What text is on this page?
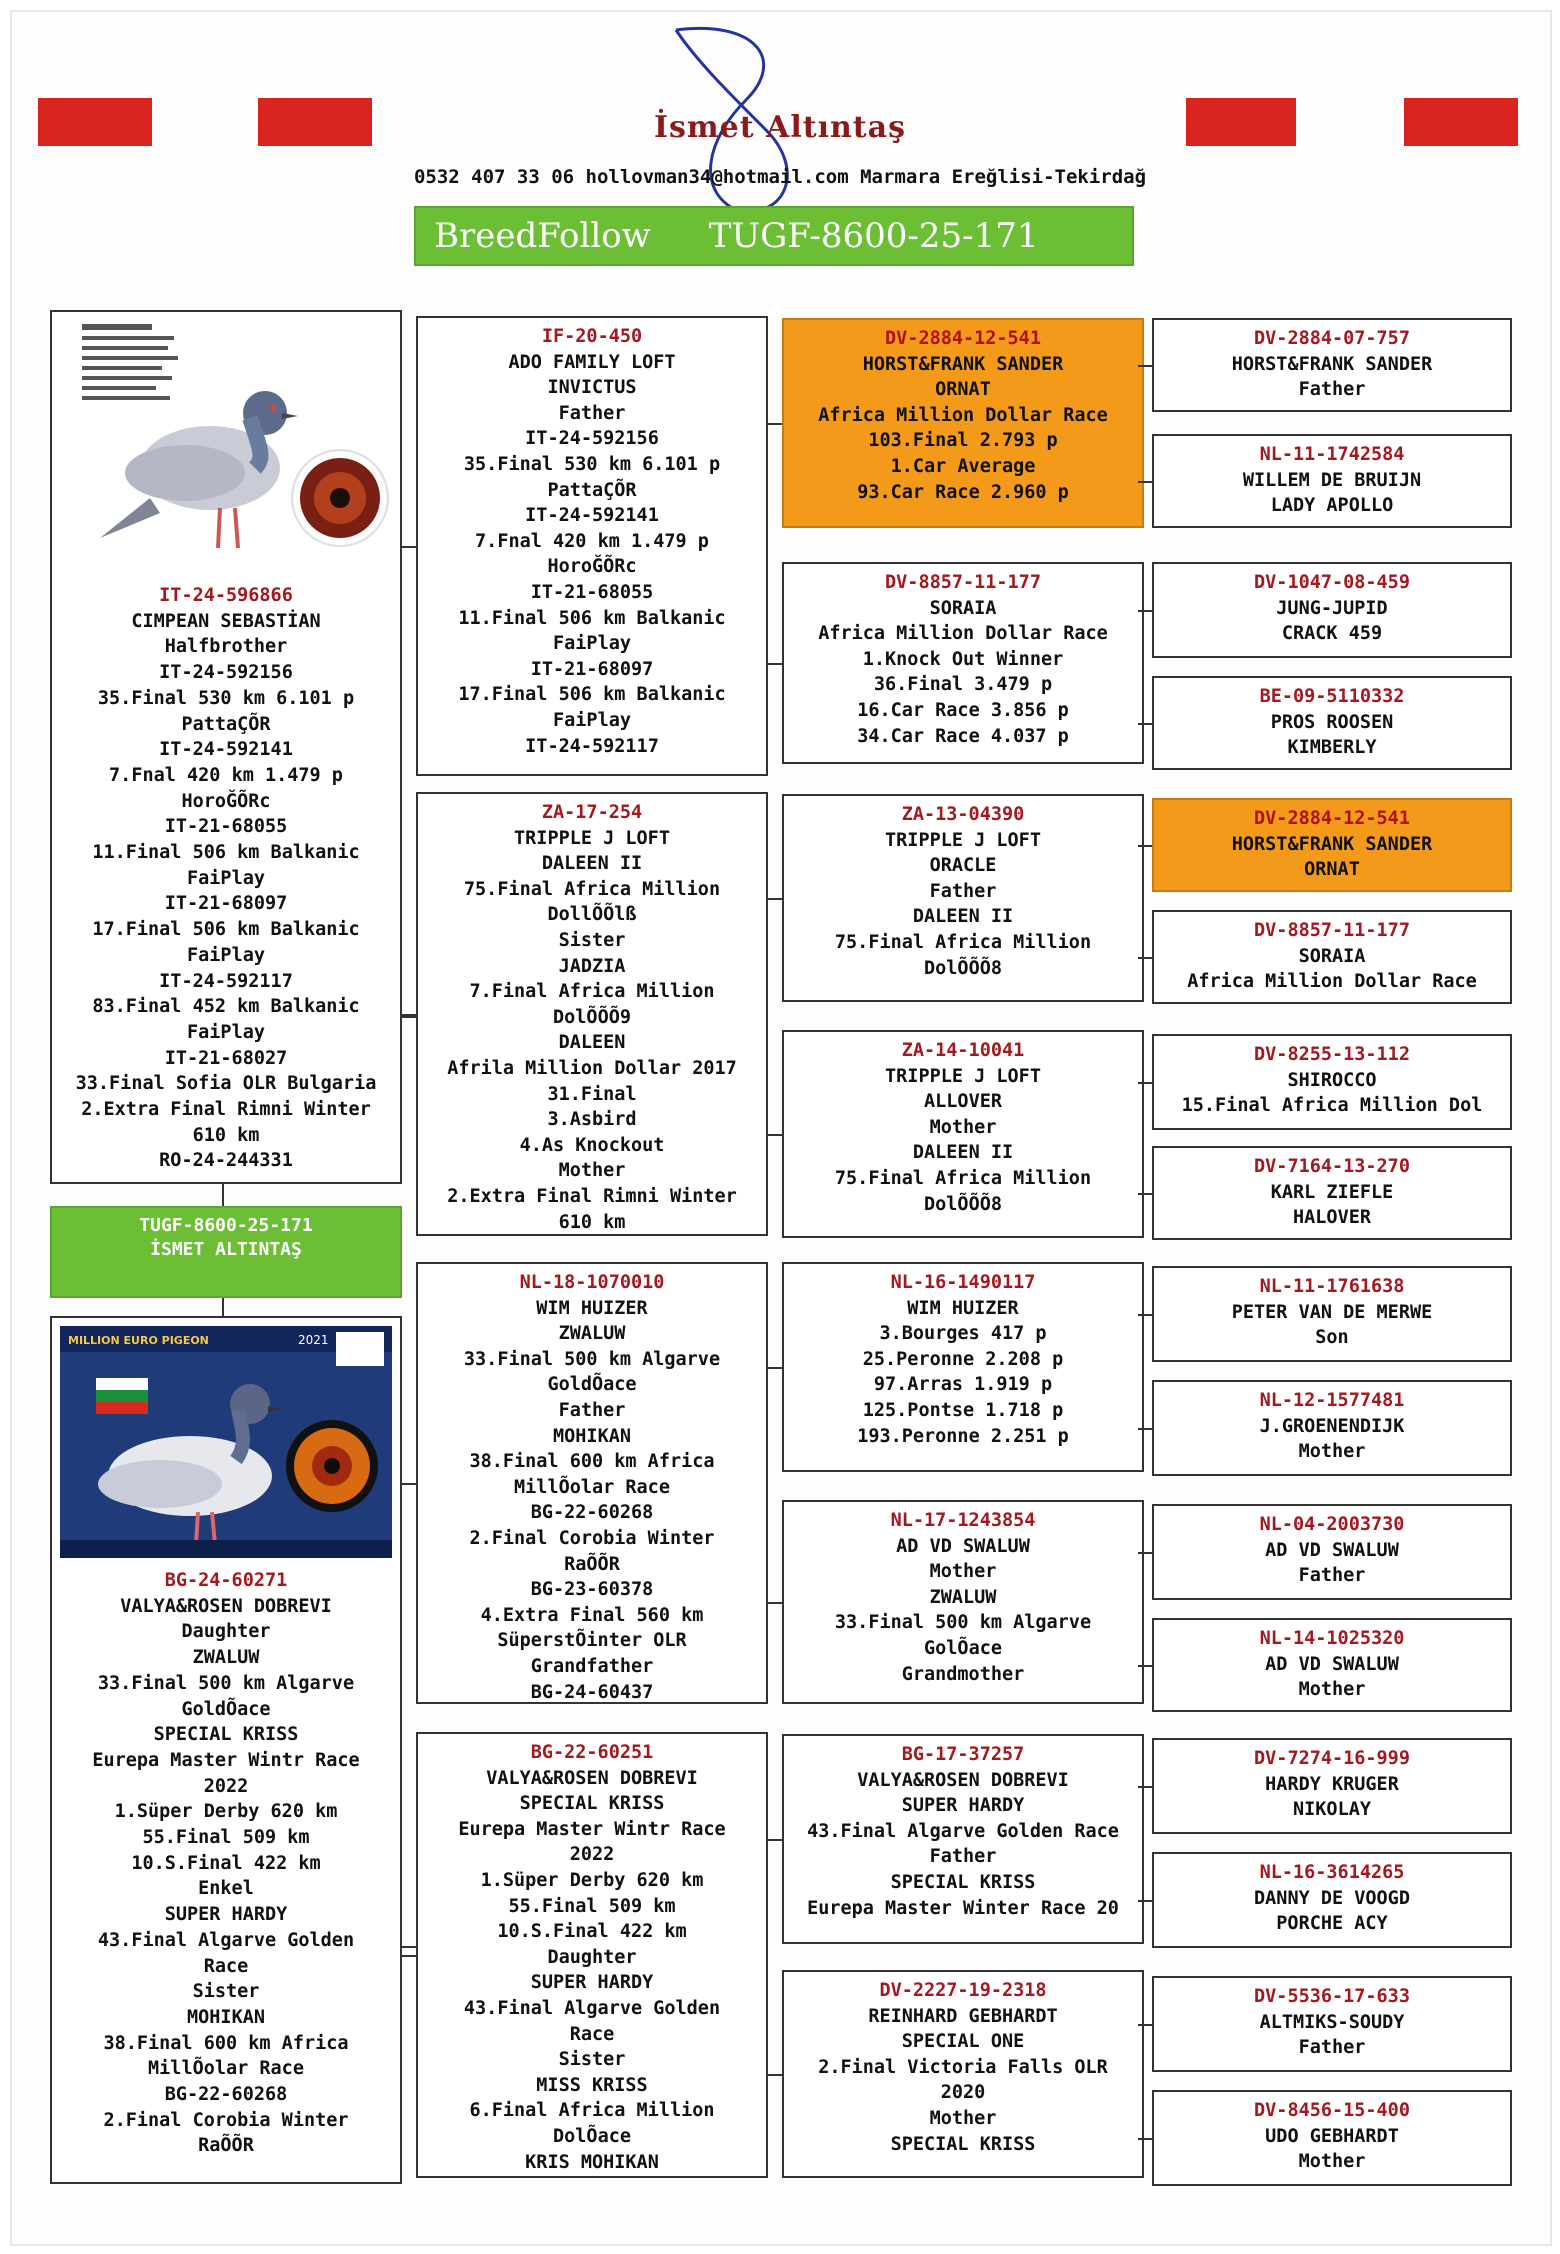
İsmet Altıntaş
0532 407 33 06 hollovman34@hotmail.com Marmara Ereğlisi-Tekirdağ
BreedFollow TUGF-8600-25-171
IT-24-596866
CIMPEAN SEBASTİAN
Halfbrother
IT-24-592156
35.Final 530 km 6.101 p
PattaÇÕR
IT-24-592141
7.Fnal 420 km 1.479 p
HoroĞÕRc
IT-21-68055
11.Final 506 km Balkanic
FaiPlay
IT-21-68097
17.Final 506 km Balkanic
FaiPlay
IT-24-592117
83.Final 452 km Balkanic
FaiPlay
IT-21-68027
33.Final Sofia OLR Bulgaria
2.Extra Final Rimni Winter
610 km
RO-24-244331
TUGF-8600-25-171
İSMET ALTINTAŞ
MILLION EURO PIGEON	2021
BG-24-60271
VALYA&ROSEN DOBREVI
Daughter
ZWALUW
33.Final 500 km Algarve
GoldÕace
SPECIAL KRISS
Eurepa Master Wintr Race
2022
1.Süper Derby 620 km
55.Final 509 km
10.S.Final 422 km
Enkel
SUPER HARDY
43.Final Algarve Golden
Race
Sister
MOHIKAN
38.Final 600 km Africa
MillÕolar Race
BG-22-60268
2.Final Corobia Winter
RaÕÕR
IF-20-450
ADO FAMILY LOFT
INVICTUS
Father
IT-24-592156
35.Final 530 km 6.101 p
PattaÇÕR
IT-24-592141
7.Fnal 420 km 1.479 p
HoroĞÕRc
IT-21-68055
11.Final 506 km Balkanic
FaiPlay
IT-21-68097
17.Final 506 km Balkanic
FaiPlay
IT-24-592117
ZA-17-254
TRIPPLE J LOFT
DALEEN II
75.Final Africa Million
DollÕÕlß
Sister
JADZIA
7.Final Africa Million
DolÕÕÕ9
DALEEN
Afrila Million Dollar 2017
31.Final
3.Asbird
4.As Knockout
Mother
2.Extra Final Rimni Winter
610 km
NL-18-1070010
WIM HUIZER
ZWALUW
33.Final 500 km Algarve
GoldÕace
Father
MOHIKAN
38.Final 600 km Africa
MillÕolar Race
BG-22-60268
2.Final Corobia Winter
RaÕÕR
BG-23-60378
4.Extra Final 560 km
SüperstÕinter OLR
Grandfather
BG-24-60437
BG-22-60251
VALYA&ROSEN DOBREVI
SPECIAL KRISS
Eurepa Master Wintr Race
2022
1.Süper Derby 620 km
55.Final 509 km
10.S.Final 422 km
Daughter
SUPER HARDY
43.Final Algarve Golden
Race
Sister
MISS KRISS
6.Final Africa Million
DolÕace
KRIS MOHIKAN
DV-2884-12-541
HORST&FRANK SANDER
ORNAT
Africa Million Dollar Race
103.Final 2.793 p
1.Car Average
93.Car Race 2.960 p
DV-8857-11-177
SORAIA
Africa Million Dollar Race
1.Knock Out Winner
36.Final 3.479 p
16.Car Race 3.856 p
34.Car Race 4.037 p
ZA-13-04390
TRIPPLE J LOFT
ORACLE
Father
DALEEN II
75.Final Africa Million
DolÕÕÕ8
ZA-14-10041
TRIPPLE J LOFT
ALLOVER
Mother
DALEEN II
75.Final Africa Million
DolÕÕÕ8
NL-16-1490117
WIM HUIZER
3.Bourges 417 p
25.Peronne 2.208 p
97.Arras 1.919 p
125.Pontse 1.718 p
193.Peronne 2.251 p
NL-17-1243854
AD VD SWALUW
Mother
ZWALUW
33.Final 500 km Algarve
GolÕace
Grandmother
BG-17-37257
VALYA&ROSEN DOBREVI
SUPER HARDY
43.Final Algarve Golden Race
Father
SPECIAL KRISS
Eurepa Master Winter Race 20
DV-2227-19-2318
REINHARD GEBHARDT
SPECIAL ONE
2.Final Victoria Falls OLR
2020
Mother
SPECIAL KRISS
DV-2884-07-757
HORST&FRANK SANDER
Father
NL-11-1742584
WILLEM DE BRUIJN
LADY APOLLO
DV-1047-08-459
JUNG-JUPID
CRACK 459
BE-09-5110332
PROS ROOSEN
KIMBERLY
DV-2884-12-541
HORST&FRANK SANDER
ORNAT
DV-8857-11-177
SORAIA
Africa Million Dollar Race
DV-8255-13-112
SHIROCCO
15.Final Africa Million Dol
DV-7164-13-270
KARL ZIEFLE
HALOVER
NL-11-1761638
PETER VAN DE MERWE
Son
NL-12-1577481
J.GROENENDIJK
Mother
NL-04-2003730
AD VD SWALUW
Father
NL-14-1025320
AD VD SWALUW
Mother
DV-7274-16-999
HARDY KRUGER
NIKOLAY
NL-16-3614265
DANNY DE VOOGD
PORCHE ACY
DV-5536-17-633
ALTMIKS-SOUDY
Father
DV-8456-15-400
UDO GEBHARDT
Mother
